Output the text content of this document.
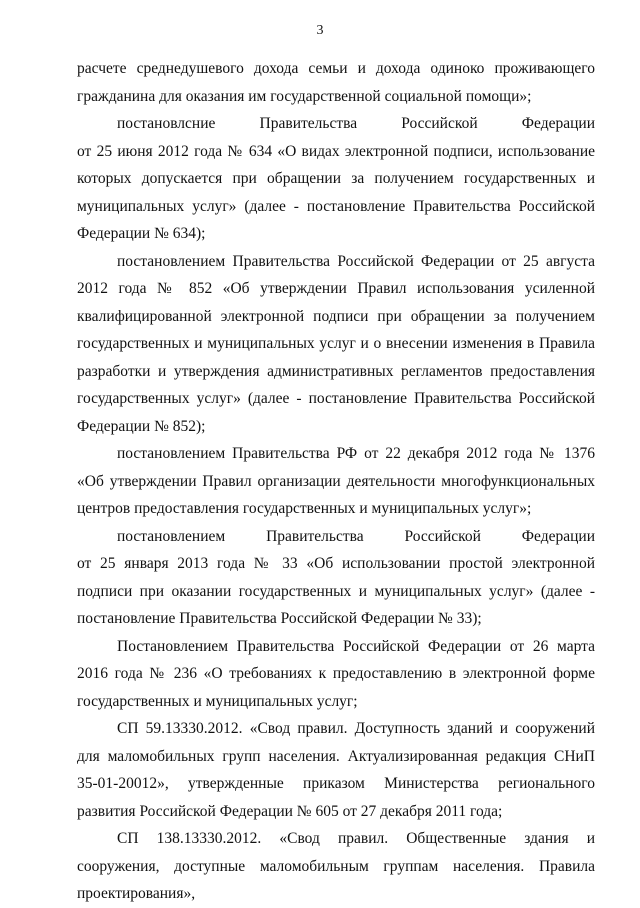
3

расчете среднедушевого дохода семьи и дохода одиноко проживающего

гражданина для оказания им государственной социальной помощи»;

постановлсние Правительства Российской Федерации

от 25 июня 2012 года № 634 «О видах электронной подписи, использование которых допускается при обращении за получением государственных и муниципальных услуг» (далее - постановление Правительства Российской Федерации № 634);

постановлением Правительства Российской Федерации от 25 августа 2012 года № 852 «Об утверждении Правил использования усиленной квалифицированной электронной подписи при обращении за получением государственных и муниципальных услуг и о внесении изменения в Правила разработки и утверждения административных регламентов предоставления государственных услуг» (далее - постановление Правительства Российской Федерации № 852);

постановлением Правительства РФ от 22 декабря 2012 года № 1376 «Об утверждении Правил организации деятельности многофункциональных центров предоставления государственных и муниципальных услуг»;

постановлением Правительства Российской Федерации

от 25 января 2013 года № 33 «Об использовании простой электронной подписи при оказании государственных и муниципальных услуг» (далее - постановление Правительства Российской Федерации № 33);

Постановлением Правительства Российской Федерации от 26 марта 2016 года № 236 «О требованиях к предоставлению в электронной форме государственных и муниципальных услуг;

СП 59.13330.2012. «Свод правил. Доступность зданий и сооружений для маломобильных групп населения. Актуализированная редакция СНиП 35-01-20012», утвержденные приказом Министерства регионального развития Российской Федерации № 605 от 27 декабря 2011 года;

СП 138.13330.2012. «Свод правил. Общественные здания и сооружения, доступные маломобильным группам населения. Правила проектирования»,
